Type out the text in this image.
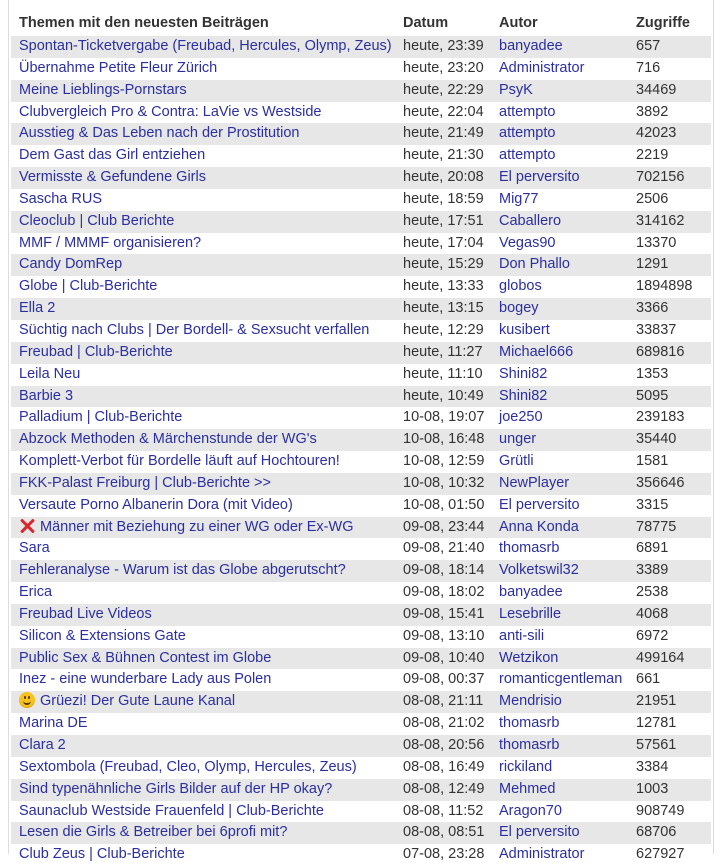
Themen mit den neuesten Beiträgen	Datum	Autor	Zugriffe
Spontan-Ticketvergabe (Freubad, Hercules, Olymp, Zeus)	heute, 23:39	banyadee	657
Übernahme Petite Fleur Zürich	heute, 23:20	Administrator	716
Meine Lieblings-Pornstars	heute, 22:29	PsyK	34469
Clubvergleich Pro & Contra: LaVie vs Westside	heute, 22:04	attempto	3892
Ausstieg & Das Leben nach der Prostitution	heute, 21:49	attempto	42023
Dem Gast das Girl entziehen	heute, 21:30	attempto	2219
Vermisste & Gefundene Girls	heute, 20:08	El perversito	702156
Sascha RUS	heute, 18:59	Mig77	2506
Cleoclub | Club Berichte	heute, 17:51	Caballero	314162
MMF / MMMF organisieren?	heute, 17:04	Vegas90	13370
Candy DomRep	heute, 15:29	Don Phallo	1291
Globe | Club-Berichte	heute, 13:33	globos	1894898
Ella 2	heute, 13:15	bogey	3366
Süchtig nach Clubs | Der Bordell- & Sexsucht verfallen	heute, 12:29	kusibert	33837
Freubad | Club-Berichte	heute, 11:27	Michael666	689816
Leila Neu	heute, 11:10	Shini82	1353
Barbie 3	heute, 10:49	Shini82	5095
Palladium | Club-Berichte	10-08, 19:07	joe250	239183
Abzock Methoden & Märchenstunde der WG's	10-08, 16:48	unger	35440
Komplett-Verbot für Bordelle läuft auf Hochtouren!	10-08, 12:59	Grütli	1581
FKK-Palast Freiburg | Club-Berichte >>	10-08, 10:32	NewPlayer	356646
Versaute Porno Albanerin Dora (mit Video)	10-08, 01:50	El perversito	3315
Männer mit Beziehung zu einer WG oder Ex-WG	09-08, 23:44	Anna Konda	78775
Sara	09-08, 21:40	thomasrb	6891
Fehleranalyse - Warum ist das Globe abgerutscht?	09-08, 18:14	Volketswil32	3389
Erica	09-08, 18:02	banyadee	2538
Freubad Live Videos	09-08, 15:41	Lesebrille	4068
Silicon & Extensions Gate	09-08, 13:10	anti-sili	6972
Public Sex & Bühnen Contest im Globe	09-08, 10:40	Wetzikon	499164
Inez - eine wunderbare Lady aus Polen	09-08, 00:37	romanticgentleman	661

Grüezi! Der Gute Laune Kanal	08-08, 21:11	Mendrisio	21951
Marina DE	08-08, 21:02	thomasrb	12781
Clara 2	08-08, 20:56	thomasrb	57561
Sextombola (Freubad, Cleo, Olymp, Hercules, Zeus)	08-08, 16:49	rickiland	3384
Sind typenähnliche Girls Bilder auf der HP okay?	08-08, 12:49	Mehmed	1003
Saunaclub Westside Frauenfeld | Club-Berichte	08-08, 11:52	Aragon70	908749
Lesen die Girls & Betreiber bei 6profi mit?	08-08, 08:51	El perversito	68706
Club Zeus | Club-Berichte	07-08, 23:28	Administrator	627927
